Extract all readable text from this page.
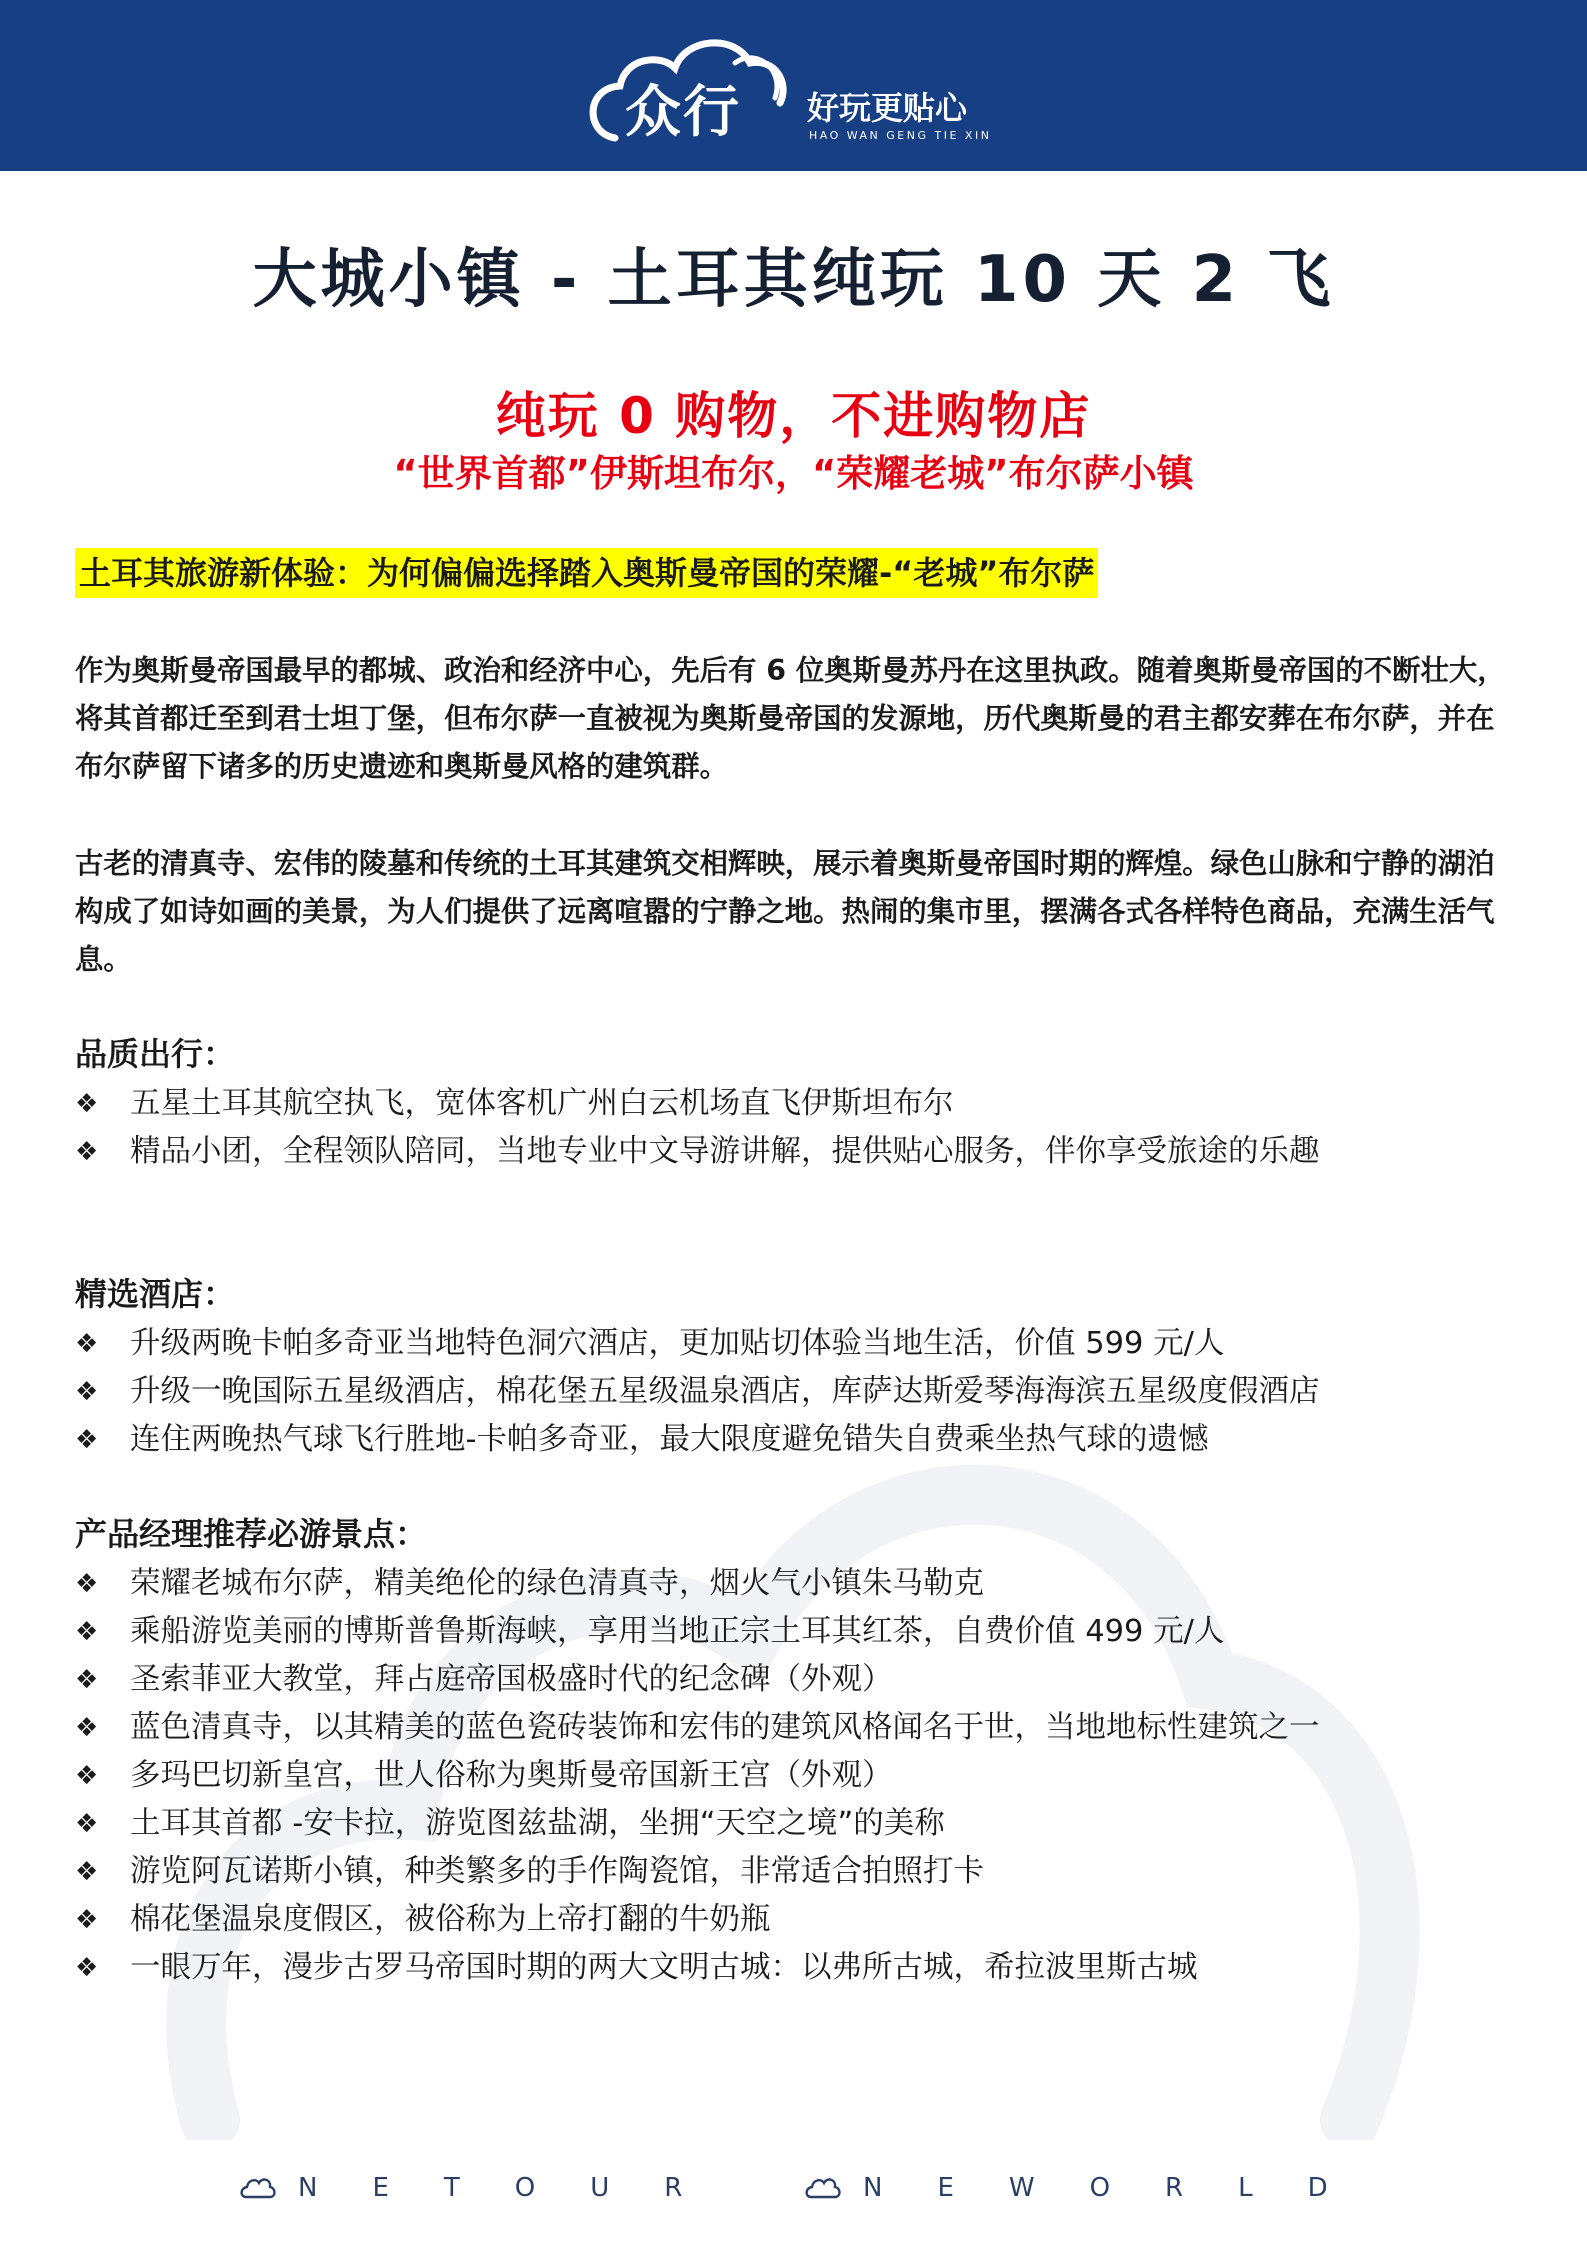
众行 好玩更贴心
HAO WAN GENG TIE XIN
大城小镇 - 土耳其纯玩 10 天 2 飞
纯玩 0 购物，不进购物店
“世界首都”伊斯坦布尔，“荣耀老城”布尔萨小镇
土耳其旅游新体验：为何偏偏选择踏入奥斯曼帝国的荣耀-“老城”布尔萨

作为奥斯曼帝国最早的都城、政治和经济中心，先后有 6 位奥斯曼苏丹在这里执政。随着奥斯曼帝国的不断壮大，将其首都迁至到君士坦丁堡，但布尔萨一直被视为奥斯曼帝国的发源地，历代奥斯曼的君主都安葬在布尔萨，并在布尔萨留下诸多的历史遗迹和奥斯曼风格的建筑群。

古老的清真寺、宏伟的陵墓和传统的土耳其建筑交相辉映，展示着奥斯曼帝国时期的辉煌。绿色山脉和宁静的湖泊构成了如诗如画的美景，为人们提供了远离喧嚣的宁静之地。热闹的集市里，摆满各式各样特色商品，充满生活气息。

品质出行：
❖	五星土耳其航空执飞，宽体客机广州白云机场直飞伊斯坦布尔
❖	精品小团，全程领队陪同，当地专业中文导游讲解，提供贴心服务，伴你享受旅途的乐趣
精选酒店：
❖	升级两晚卡帕多奇亚当地特色洞穴酒店，更加贴切体验当地生活，价值 599 元/人
❖	升级一晚国际五星级酒店，棉花堡五星级温泉酒店，库萨达斯爱琴海海滨五星级度假酒店
❖	连住两晚热气球飞行胜地-卡帕多奇亚，最大限度避免错失自费乘坐热气球的遗憾
产品经理推荐必游景点：
❖	荣耀老城布尔萨，精美绝伦的绿色清真寺，烟火气小镇朱马勒克
❖	乘船游览美丽的博斯普鲁斯海峡，享用当地正宗土耳其红茶，自费价值 499 元/人
❖	圣索菲亚大教堂，拜占庭帝国极盛时代的纪念碑（外观）
❖	蓝色清真寺，以其精美的蓝色瓷砖装饰和宏伟的建筑风格闻名于世，当地地标性建筑之一
❖	多玛巴切新皇宫，世人俗称为奥斯曼帝国新王宫（外观）
❖	土耳其首都 -安卡拉，游览图兹盐湖，坐拥“天空之境”的美称
❖	游览阿瓦诺斯小镇，种类繁多的手作陶瓷馆，非常适合拍照打卡
❖	棉花堡温泉度假区，被俗称为上帝打翻的牛奶瓶
❖	一眼万年，漫步古罗马帝国时期的两大文明古城：以弗所古城，希拉波里斯古城
NETOUR	NEWORLD
